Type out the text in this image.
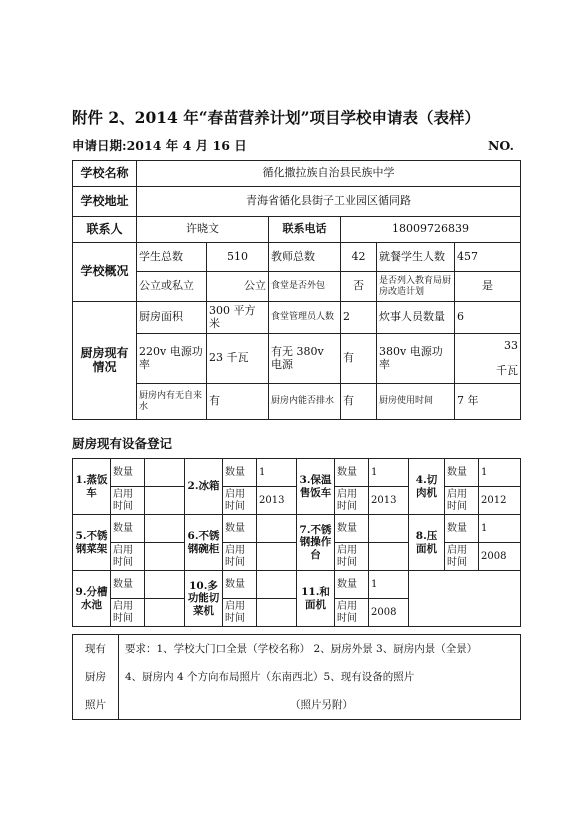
附件 2、2014 年“春苗营养计划”项目学校申请表（表样）
申请日期:2014 年 4 月 16 日	NO.
学校名称	循化撒拉族自治县民族中学					
学校地址	青海省循化县街子工业园区循同路					
联系人	许晓文		联系电话	18009726839		
学校概况	学生总数	510	教师总数	42	就餐学生人数	457
	公立或私立	公立	食堂是否外包	否	是否列入教育局厨房改造计划	是
厨房现有情况	厨房面积	300 平方米	食堂管理员人数	2	炊事人员数量	6
	220v 电源功率	23 千瓦	有无 380v 电源	有	380v 电源功率	33
千瓦

	厨房内有无自来水	有	厨房内能否排水	有	厨房使用时间	7 年
厨房现有设备登记
1.蒸饭车	数量		2.冰箱	数量	1	3.保温售饭车	数量	1	4.切肉机	数量	1
	启用时间			启用时间	2013		启用时间	2013		启用时间	2012
5.不锈钢菜架	数量		6.不锈钢碗柜	数量		7.不锈钢操作台	数量		8.压面机	数量	1
	启用时间			启用时间			启用时间			启用时间	2008
9.分槽水池	数量		10.多功能切菜机	数量		11.和面机	数量	1			
	启用时间			启用时间			启用时间	2008			
现有	要求：1、学校大门口全景（学校名称） 2、厨房外景 3、厨房内景（全景）
厨房	4、厨房内 4 个方向布局照片（东南西北）5、现有设备的照片
照片	（照片另附）
